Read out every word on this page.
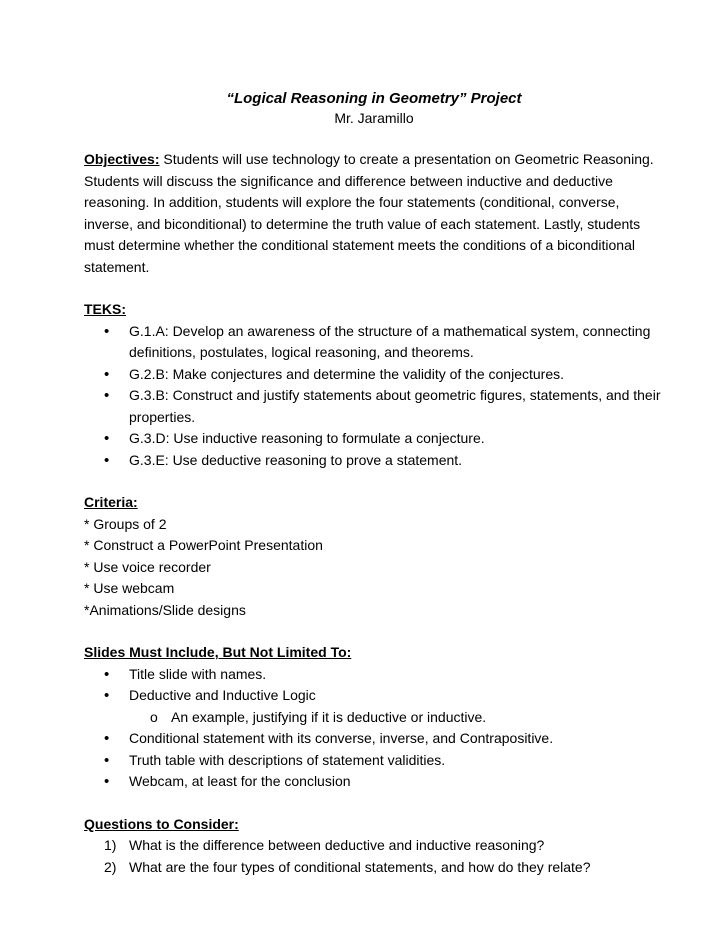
“Logical Reasoning in Geometry” Project

Mr. Jaramillo

Objectives: Students will use technology to create a presentation on Geometric Reasoning. Students will discuss the significance and difference between inductive and deductive reasoning. In addition, students will explore the four statements (conditional, converse, inverse, and biconditional) to determine the truth value of each statement. Lastly, students must determine whether the conditional statement meets the conditions of a biconditional statement.

TEKS:
• G.1.A: Develop an awareness of the structure of a mathematical system, connecting definitions, postulates, logical reasoning, and theorems.
• G.2.B: Make conjectures and determine the validity of the conjectures.
• G.3.B: Construct and justify statements about geometric figures, statements, and their properties.
• G.3.D: Use inductive reasoning to formulate a conjecture.
• G.3.E: Use deductive reasoning to prove a statement.
Criteria:
* Groups of 2
* Construct a PowerPoint Presentation
* Use voice recorder
* Use webcam
*Animations/Slide designs
Slides Must Include, But Not Limited To:
• Title slide with names.
• Deductive and Inductive Logic
o An example, justifying if it is deductive or inductive.
• Conditional statement with its converse, inverse, and Contrapositive.
• Truth table with descriptions of statement validities.
• Webcam, at least for the conclusion
Questions to Consider:
1) What is the difference between deductive and inductive reasoning?
2) What are the four types of conditional statements, and how do they relate?
